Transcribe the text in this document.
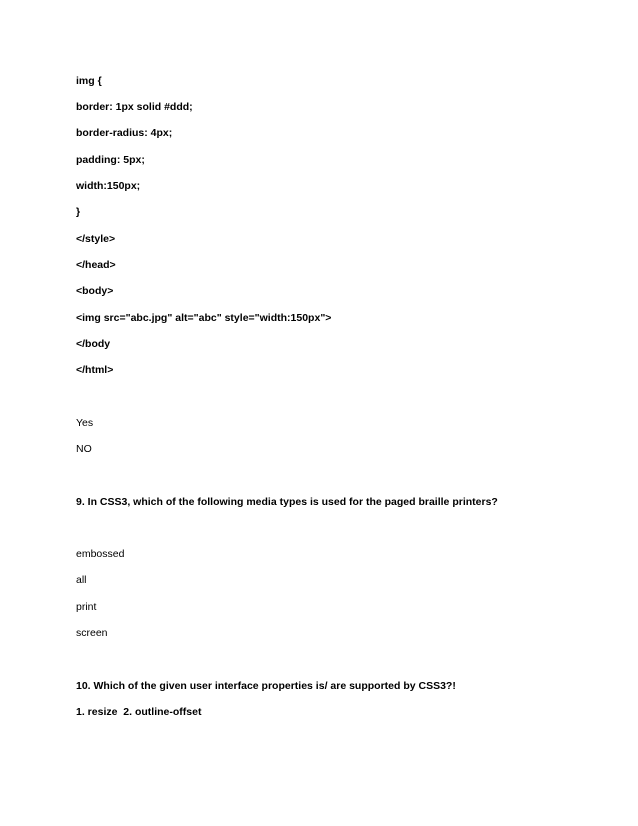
img {
border: 1px solid #ddd;
border-radius: 4px;
padding: 5px;
width:150px;
}
</style>
</head>
<body>
<img src="abc.jpg" alt="abc" style="width:150px">
</body
</html>
Yes
NO
9. In CSS3, which of the following media types is used for the paged braille printers?
embossed
all
print
screen
10. Which of the given user interface properties is/ are supported by CSS3?!
1. resize  2. outline-offset
